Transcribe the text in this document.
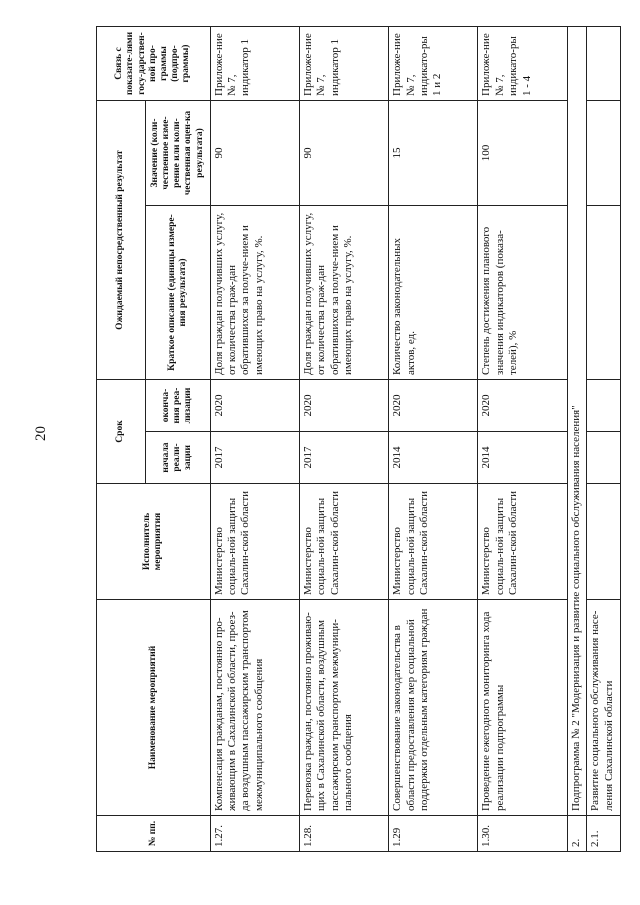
20
№ пп.	Наименование мероприятий	Исполнитель мероприятия	Срок		Ожидаемый непосредственный результат		Связь с показате-лями госу-дарствен-ной про-граммы (подпро-граммы)
			начала реали-зации	оконча-ния реа-лизации	Краткое описание (единицы измере-ния результата)	Значение (коли-чественное изме-рение или коли-чественная оцен-ка результата)	
1.27.	Компенсация гражданам, постоянно про-живающим в Сахалинской области, проез-да воздушным пассажирским транспортом межмуниципального сообщения	Министерство социаль-ной защиты Сахалин-ской области	2017	2020	Доля граждан получивших услугу, от количества граж-дан обратившихся за получе-нием и имеющих право на услугу, %.	90	Приложе-ние № 7, индикатор 1
1.28.	Перевозка граждан, постоянно проживаю-щих в Сахалинской области, воздушным пассажирским транспортом межмуници-пального сообщения	Министерство социаль-ной защиты Сахалин-ской области	2017	2020	Доля граждан получивших услугу, от количества граж-дан обратившихся за получе-нием и имеющих право на услугу, %.	90	Приложе-ние № 7, индикатор 1
1.29	Совершенствование законодательства в области предоставления мер социальной поддержки отдельным категориям граждан	Министерство социаль-ной защиты Сахалин-ской области	2014	2020	Количество законодательных актов, ед.	15	Приложе-ние № 7, индикато-ры 1 и 2
1.30.	Проведение ежегодного мониторинга хода реализации подпрограммы	Министерство социаль-ной защиты Сахалин-ской области	2014	2020	Степень достижения планового значения индикаторов (показа-телей), %	100	Приложе-ние № 7, индикато-ры 1 - 4
2.	Подпрограмма № 2 "Модернизация и развитие социального обслуживания населения"						
2.1.	Развитие социального обслуживания насе-ления Сахалинской области						
